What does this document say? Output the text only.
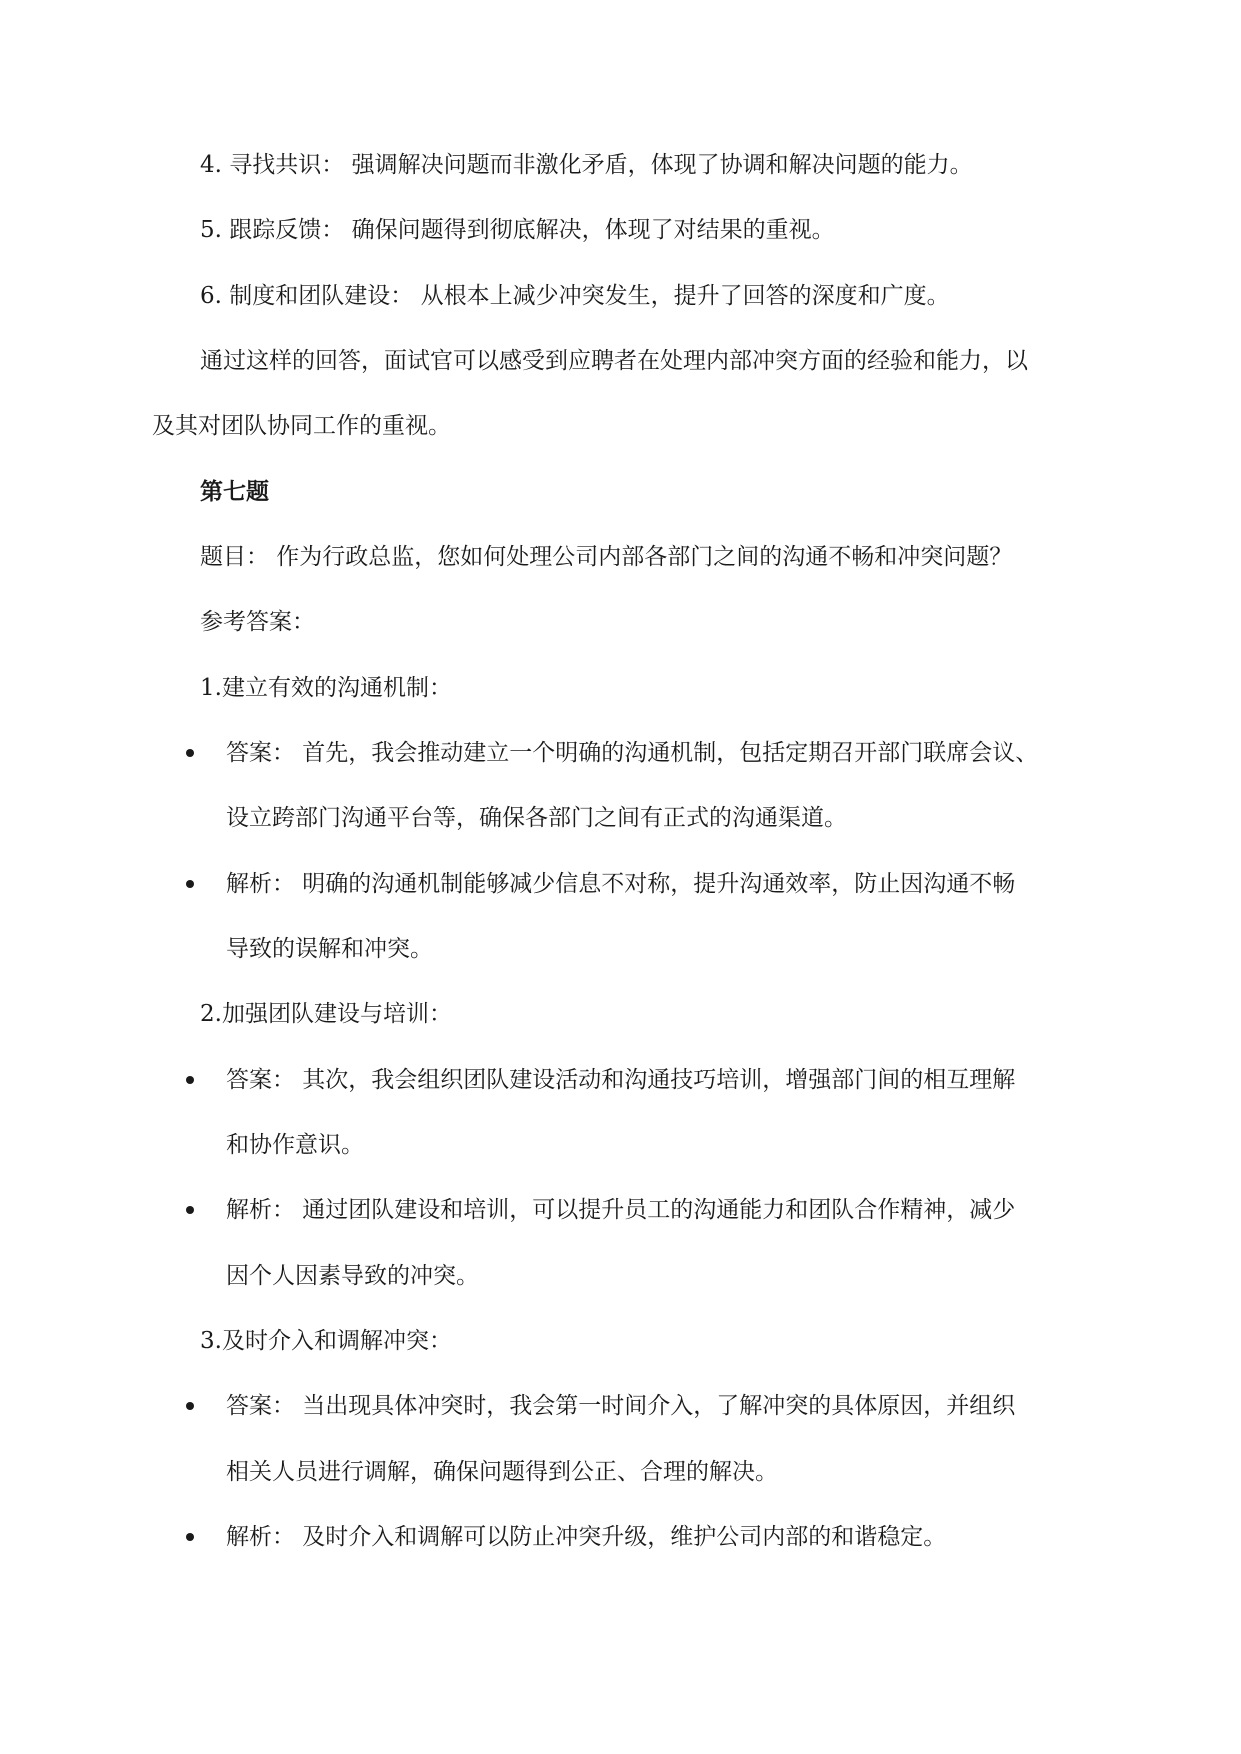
4. 寻找共识： 强调解决问题而非激化矛盾，体现了协调和解决问题的能力。
5. 跟踪反馈： 确保问题得到彻底解决，体现了对结果的重视。
6. 制度和团队建设： 从根本上减少冲突发生，提升了回答的深度和广度。
通过这样的回答，面试官可以感受到应聘者在处理内部冲突方面的经验和能力，以
及其对团队协同工作的重视。
第七题
题目： 作为行政总监，您如何处理公司内部各部门之间的沟通不畅和冲突问题？
参考答案：
1.建立有效的沟通机制：
答案： 首先，我会推动建立一个明确的沟通机制，包括定期召开部门联席会议、
设立跨部门沟通平台等，确保各部门之间有正式的沟通渠道。
解析： 明确的沟通机制能够减少信息不对称，提升沟通效率，防止因沟通不畅
导致的误解和冲突。
2.加强团队建设与培训：
答案： 其次，我会组织团队建设活动和沟通技巧培训，增强部门间的相互理解
和协作意识。
解析： 通过团队建设和培训，可以提升员工的沟通能力和团队合作精神，减少
因个人因素导致的冲突。
3.及时介入和调解冲突：
答案： 当出现具体冲突时，我会第一时间介入，了解冲突的具体原因，并组织
相关人员进行调解，确保问题得到公正、合理的解决。
解析： 及时介入和调解可以防止冲突升级，维护公司内部的和谐稳定。
